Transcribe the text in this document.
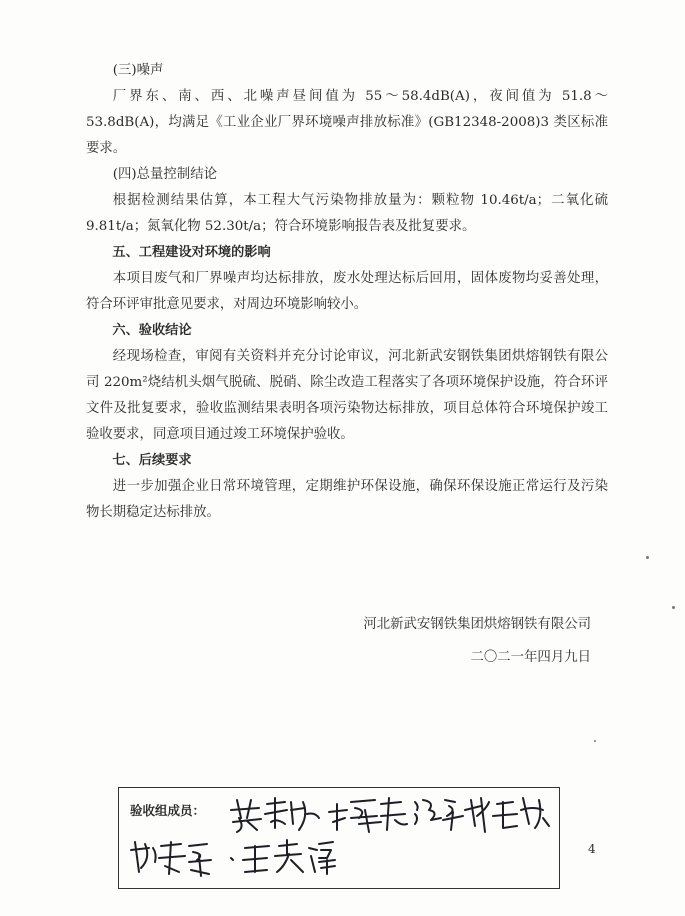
(三)噪声

厂界东、南、西、北噪声昼间值为 55～58.4dB(A)，夜间值为 51.8～53.8dB(A)，均满足《工业企业厂界环境噪声排放标准》(GB12348-2008)3 类区标准要求。

(四)总量控制结论

根据检测结果估算，本工程大气污染物排放量为：颗粒物 10.46t/a；二氧化硫 9.81t/a；氮氧化物 52.30t/a；符合环境影响报告表及批复要求。

五、工程建设对环境的影响

本项目废气和厂界噪声均达标排放，废水处理达标后回用，固体废物均妥善处理，符合环评审批意见要求，对周边环境影响较小。

六、验收结论

经现场检查，审阅有关资料并充分讨论审议，河北新武安钢铁集团烘熔钢铁有限公司 220m²烧结机头烟气脱硫、脱硝、除尘改造工程落实了各项环境保护设施，符合环评文件及批复要求，验收监测结果表明各项污染物达标排放，项目总体符合环境保护竣工验收要求，同意项目通过竣工环境保护验收。

七、后续要求

进一步加强企业日常环境管理，定期维护环保设施，确保环保设施正常运行及污染物长期稳定达标排放。

河北新武安钢铁集团烘熔钢铁有限公司
二〇二一年四月九日
验收组成员：
4
